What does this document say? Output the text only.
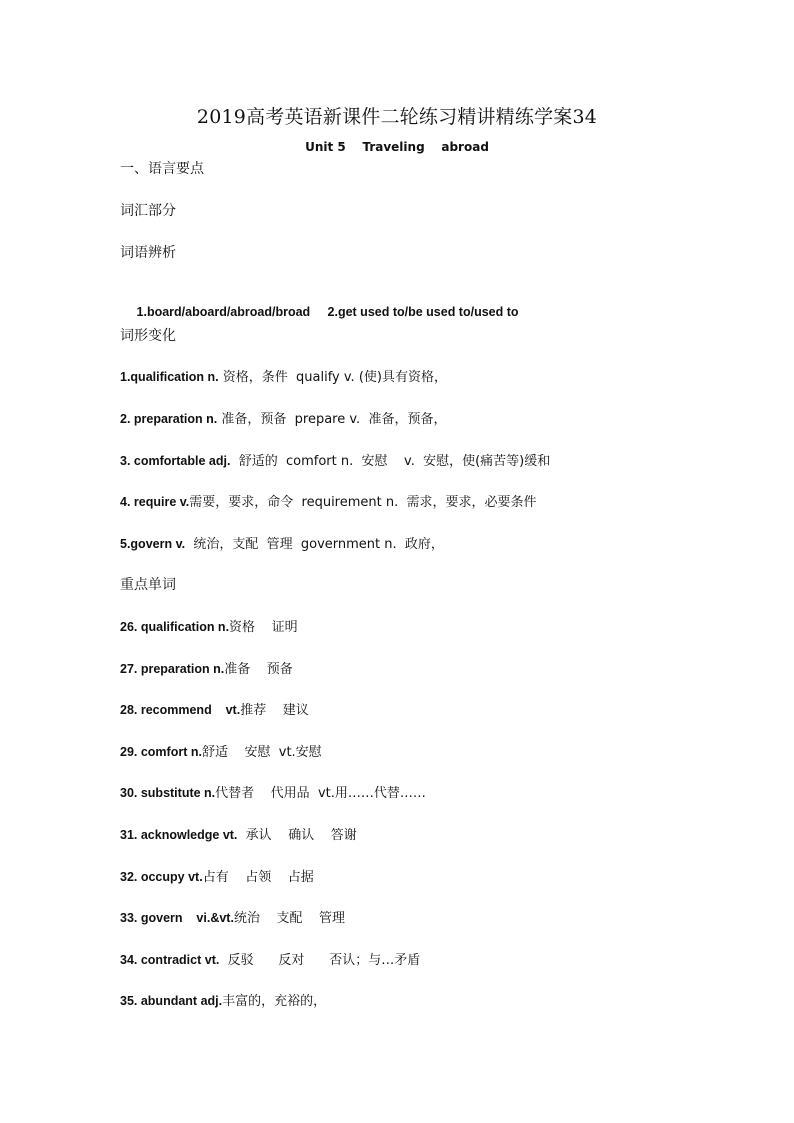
2019高考英语新课件二轮练习精讲精练学案34
Unit 5    Traveling    abroad
一、语言要点
词汇部分
词语辨析

1.board/aboard/abroad/broad     2.get used to/be used to/used to

词形变化
1.qualification n. 资格，条件  qualify v. (使)具有资格，
2. preparation n. 准备，预备  prepare v.  准备，预备，
3. comfortable adj.  舒适的  comfort n.  安慰    v.  安慰，使(痛苦等)缓和
4. require v.需要，要求，命令  requirement n.  需求，要求，必要条件
5.govern v.  统治，支配  管理  government n.  政府，
重点单词
26. qualification n.资格    证明
27. preparation n.准备    预备
28. recommend    vt.推荐    建议
29. comfort n.舒适    安慰  vt.安慰
30. substitute n.代替者    代用品  vt.用……代替……
31. acknowledge vt.  承认    确认    答谢
32. occupy vt.占有    占领    占据
33. govern    vi.&vt.统治    支配    管理
34. contradict vt.  反驳      反对      否认；与…矛盾
35. abundant adj.丰富的，充裕的，
